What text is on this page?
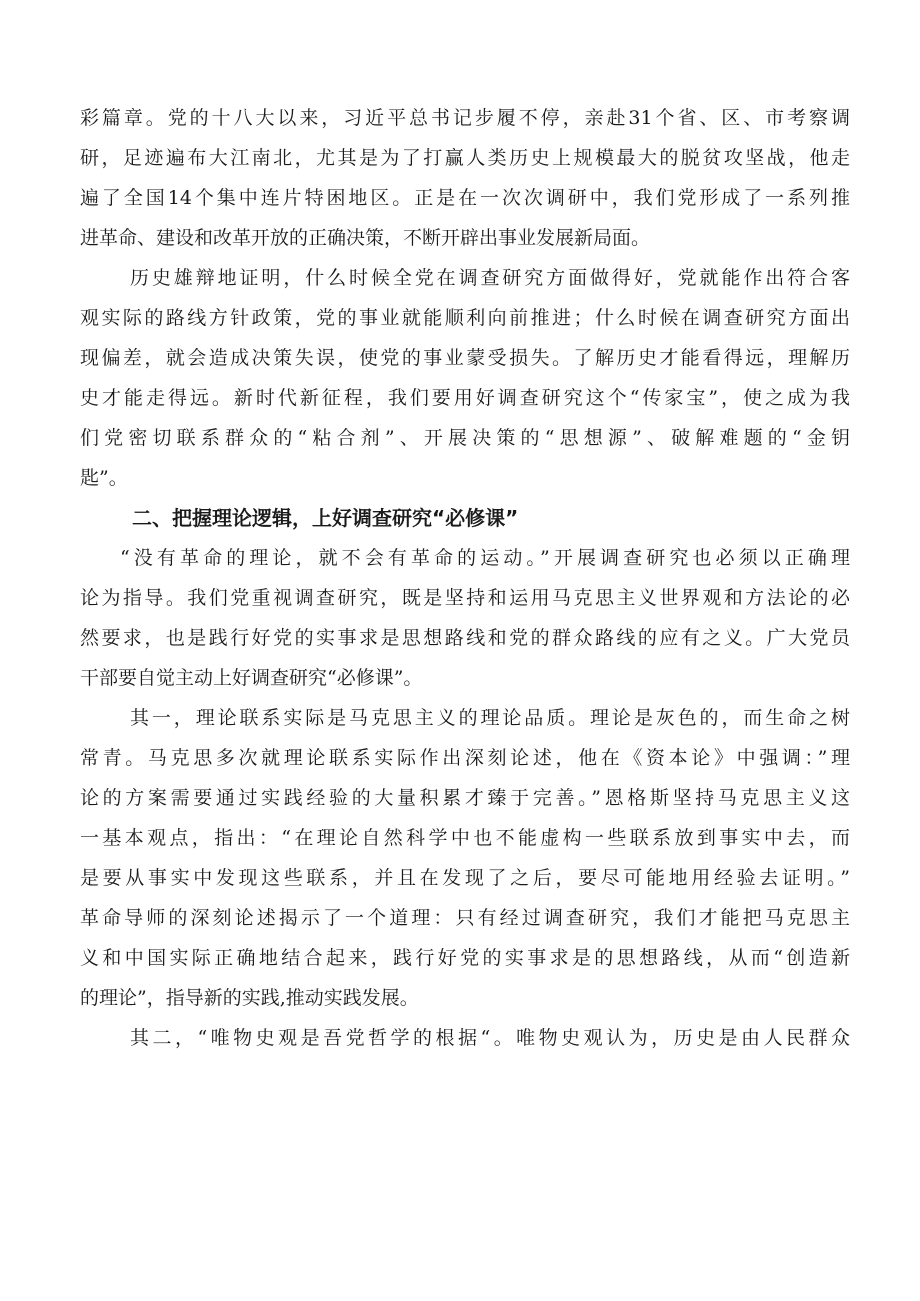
彩篇章。党的十八大以来，习近平总书记步履不停，亲赴31个省、区、市考察调

研，足迹遍布大江南北，尤其是为了打赢人类历史上规模最大的脱贫攻坚战，他走

遍了全国14个集中连片特困地区。正是在一次次调研中，我们党形成了一系列推

进革命、建设和改革开放的正确决策，不断开辟出事业发展新局面。

历史雄辩地证明，什么时候全党在调查研究方面做得好，党就能作出符合客

观实际的路线方针政策，党的事业就能顺利向前推进；什么时候在调查研究方面出

现偏差，就会造成决策失误，使党的事业蒙受损失。了解历史才能看得远，理解历

史才能走得远。新时代新征程，我们要用好调查研究这个“传家宝”，使之成为我

们党密切联系群众的“粘合剂”、开展决策的“思想源”、破解难题的“金钥

匙”。

二、把握理论逻辑，上好调查研究“必修课”

“没有革命的理论，就不会有革命的运动。”开展调查研究也必须以正确理

论为指导。我们党重视调查研究，既是坚持和运用马克思主义世界观和方法论的必

然要求，也是践行好党的实事求是思想路线和党的群众路线的应有之义。广大党员

干部要自觉主动上好调查研究“必修课”。

其一，理论联系实际是马克思主义的理论品质。理论是灰色的，而生命之树

常青。马克思多次就理论联系实际作出深刻论述，他在《资本论》中强调：”理

论的方案需要通过实践经验的大量积累才臻于完善。”恩格斯坚持马克思主义这

一基本观点，指出：“在理论自然科学中也不能虚构一些联系放到事实中去，而

是要从事实中发现这些联系，并且在发现了之后，要尽可能地用经验去证明。”

革命导师的深刻论述揭示了一个道理：只有经过调查研究，我们才能把马克思主

义和中国实际正确地结合起来，践行好党的实事求是的思想路线，从而“创造新

的理论”，指导新的实践,推动实践发展。

其二，“唯物史观是吾党哲学的根据“。唯物史观认为，历史是由人民群众
